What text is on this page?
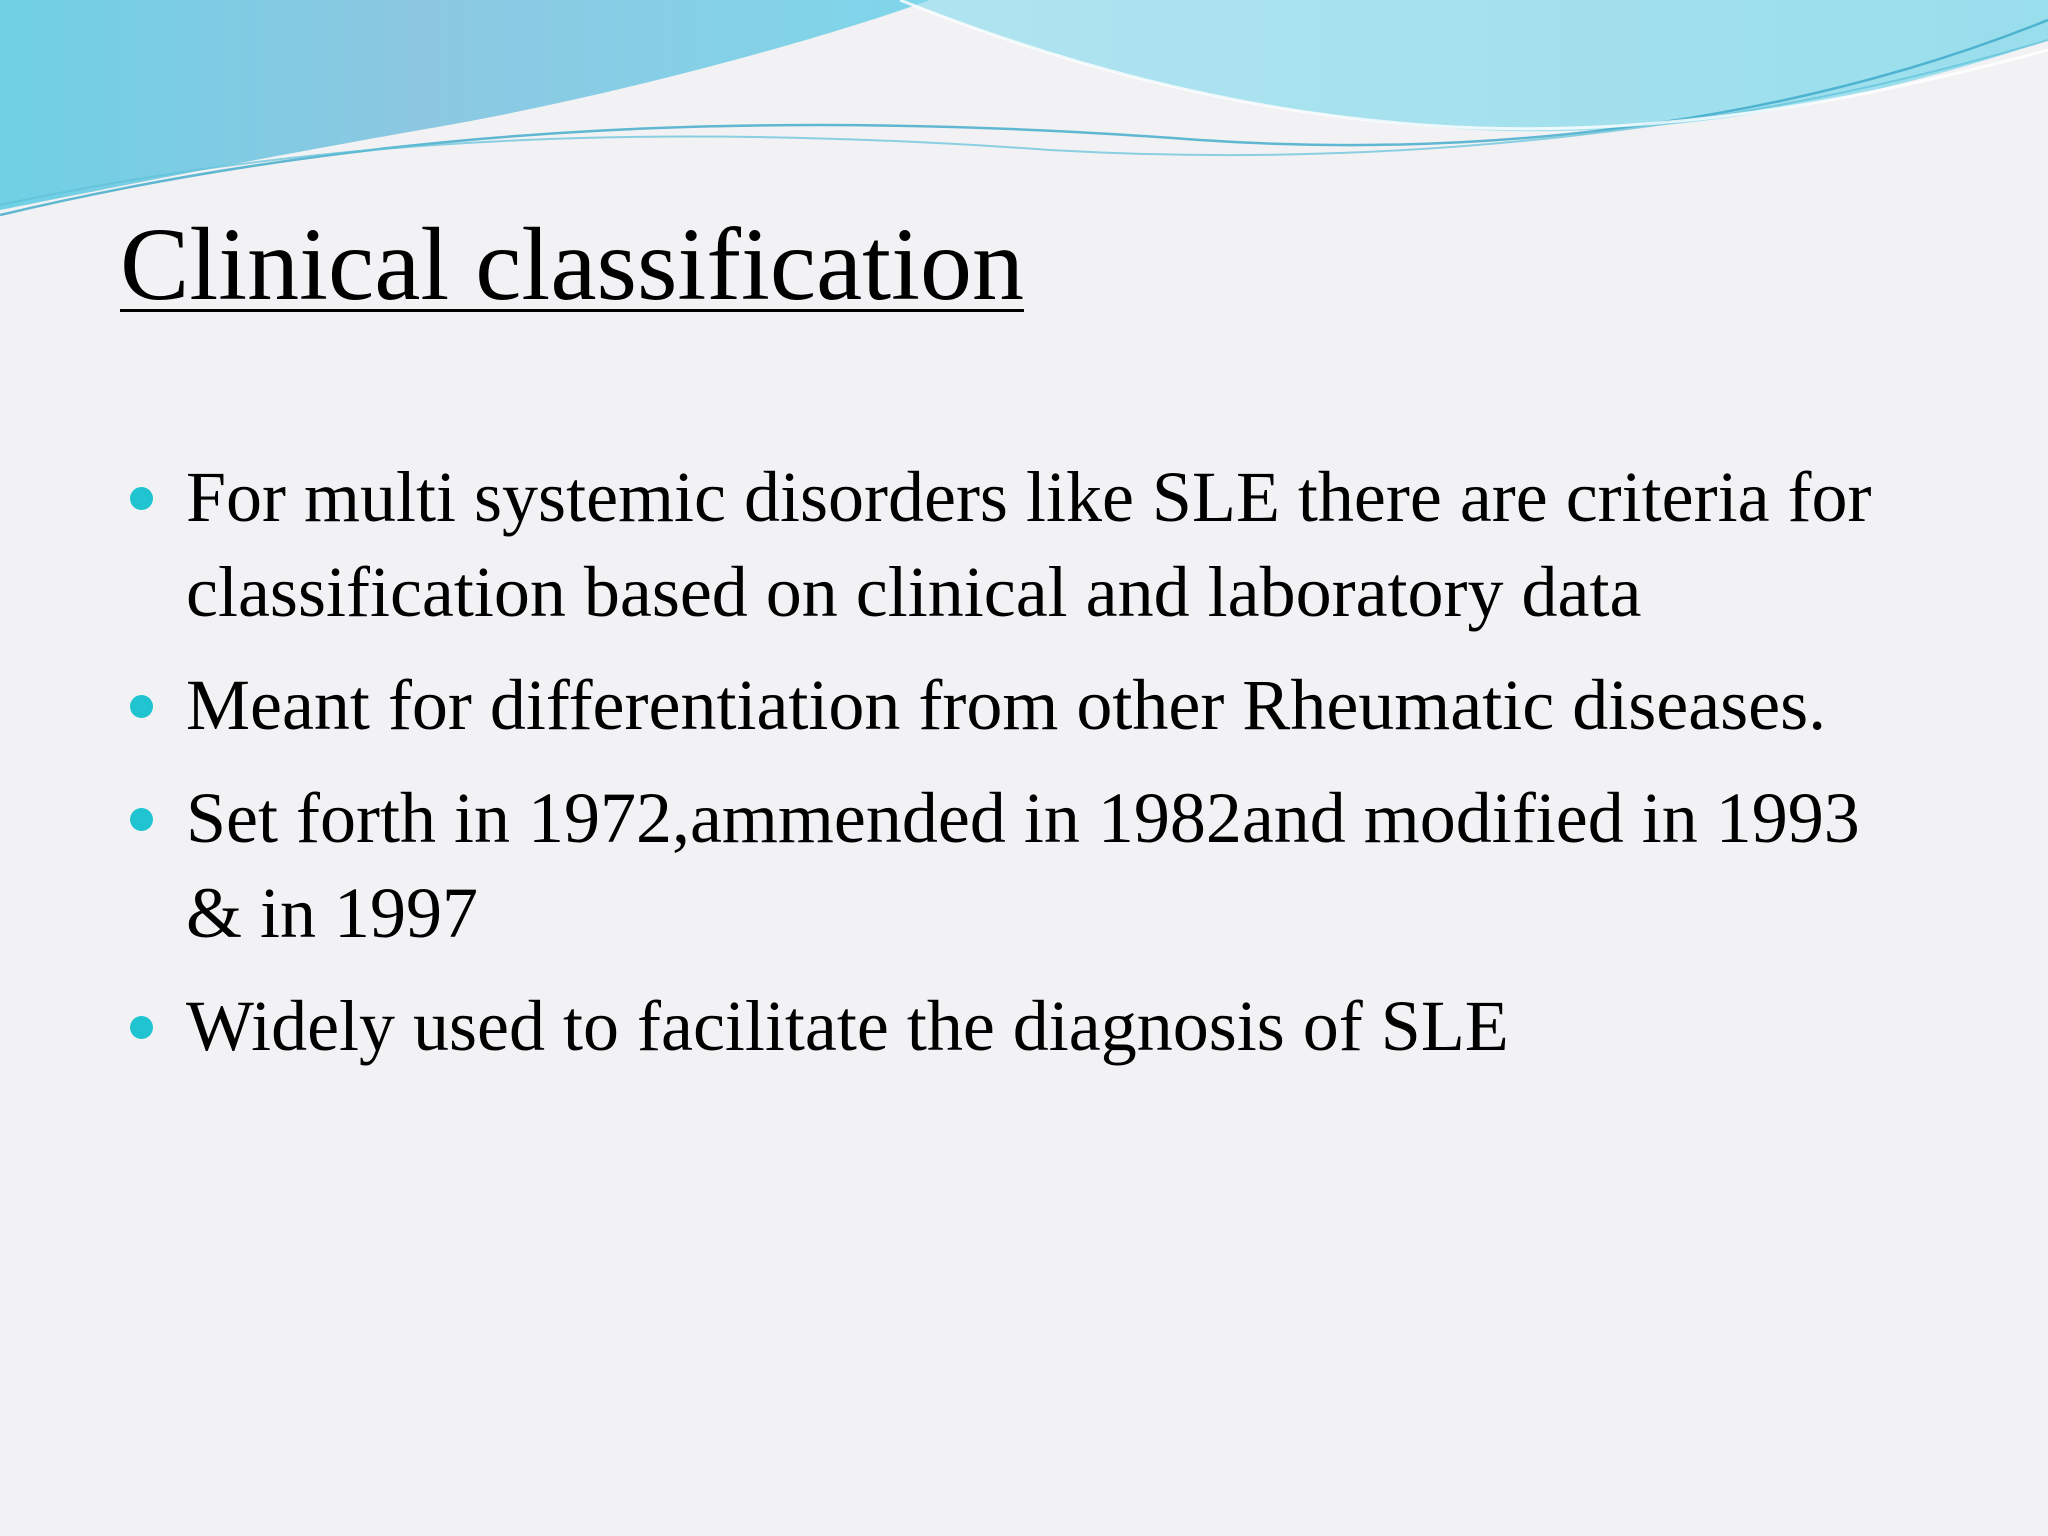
Clinical classification
For multi systemic disorders like SLE there are criteria for classification based on clinical and laboratory data
Meant for differentiation from other Rheumatic diseases.
Set forth in 1972,ammended in 1982and modified in 1993 & in 1997
Widely used to facilitate the diagnosis of SLE
